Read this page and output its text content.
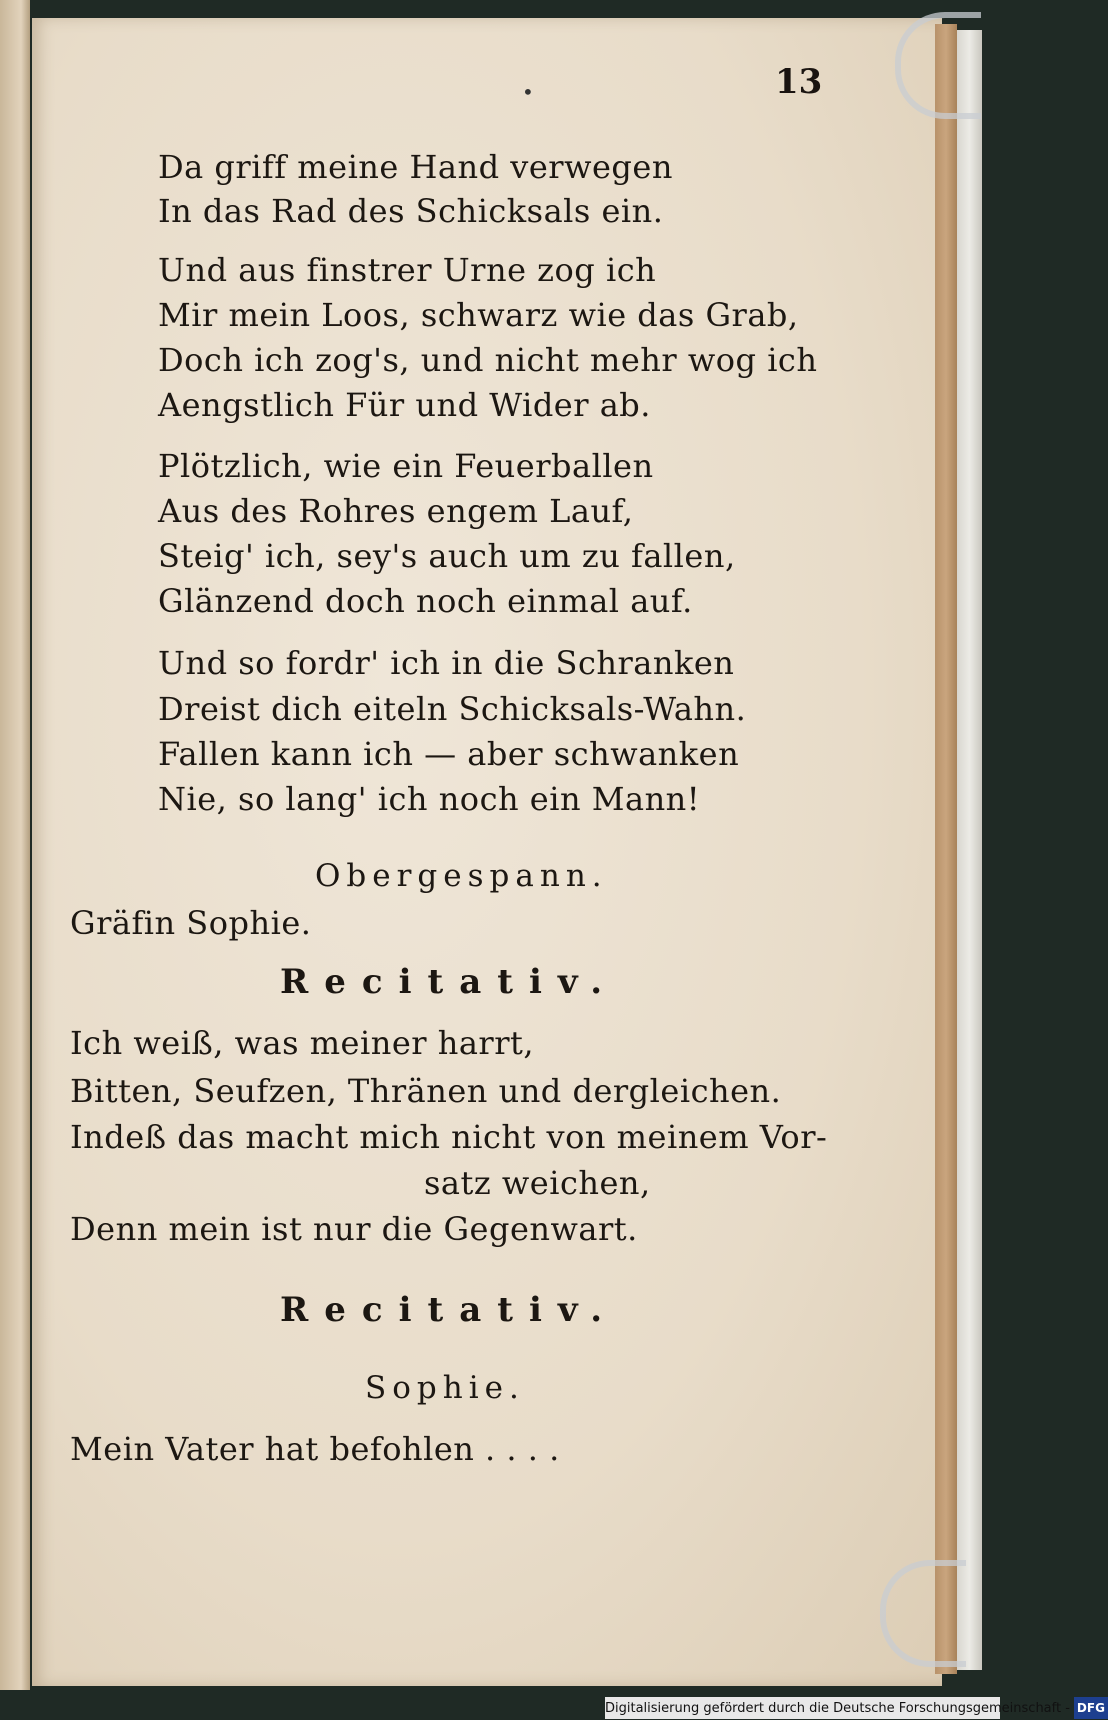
•	13
Da griff meine Hand verwegen
In das Rad des Schicksals ein.
Und aus finstrer Urne zog ich
Mir mein Loos, schwarz wie das Grab,
Doch ich zog's, und nicht mehr wog ich
Aengstlich Für und Wider ab.
Plötzlich, wie ein Feuerballen
Aus des Rohres engem Lauf,
Steig' ich, sey's auch um zu fallen,
Glänzend doch noch einmal auf.
Und so fordr' ich in die Schranken
Dreist dich eiteln Schicksals-Wahn.
Fallen kann ich — aber schwanken
Nie, so lang' ich noch ein Mann!
Obergespann.
Gräfin Sophie.
Recitativ.
Ich weiß, was meiner harrt,
Bitten, Seufzen, Thränen und dergleichen.
Indeß das macht mich nicht von meinem Vor-
satz weichen,
Denn mein ist nur die Gegenwart.
Recitativ.
Sophie.
Mein Vater hat befohlen . . . .
Digitalisierung gefördert durch die Deutsche Forschungsgemeinschaft - DFG
